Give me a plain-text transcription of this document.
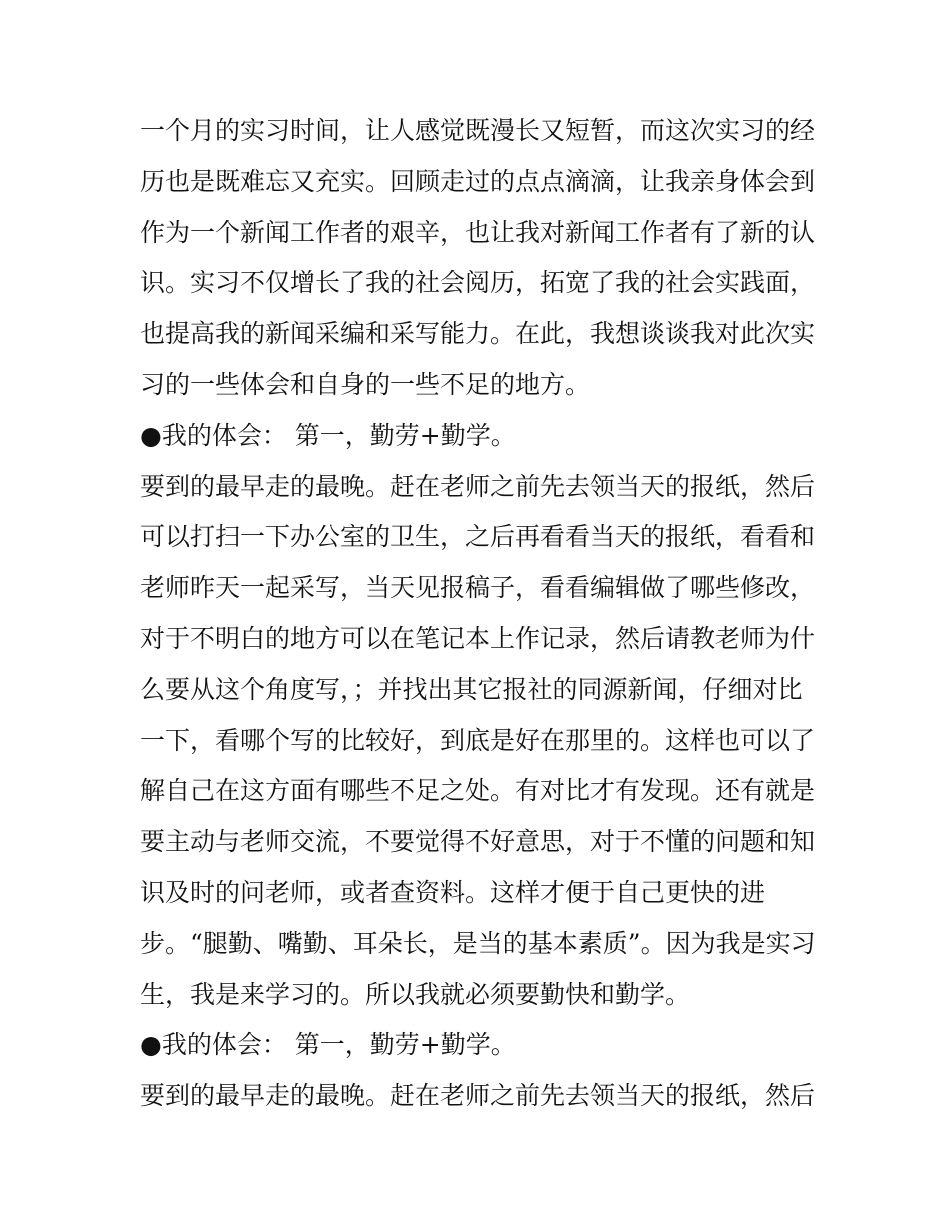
一个月的实习时间，让人感觉既漫长又短暂，而这次实习的经
历也是既难忘又充实。回顾走过的点点滴滴，让我亲身体会到
作为一个新闻工作者的艰辛，也让我对新闻工作者有了新的认
识。实习不仅增长了我的社会阅历，拓宽了我的社会实践面，
也提高我的新闻采编和采写能力。在此，我想谈谈我对此次实
习的一些体会和自身的一些不足的地方。
●我的体会： 第一，勤劳+勤学。
要到的最早走的最晚。赶在老师之前先去领当天的报纸，然后
可以打扫一下办公室的卫生，之后再看看当天的报纸，看看和
老师昨天一起采写，当天见报稿子，看看编辑做了哪些修改，
对于不明白的地方可以在笔记本上作记录，然后请教老师为什
么要从这个角度写，；并找出其它报社的同源新闻，仔细对比
一下，看哪个写的比较好，到底是好在那里的。这样也可以了
解自己在这方面有哪些不足之处。有对比才有发现。还有就是
要主动与老师交流，不要觉得不好意思，对于不懂的问题和知
识及时的问老师，或者查资料。这样才便于自己更快的进
步。“腿勤、嘴勤、耳朵长，是当的基本素质”。因为我是实习
生，我是来学习的。所以我就必须要勤快和勤学。
●我的体会： 第一，勤劳+勤学。
要到的最早走的最晚。赶在老师之前先去领当天的报纸，然后
